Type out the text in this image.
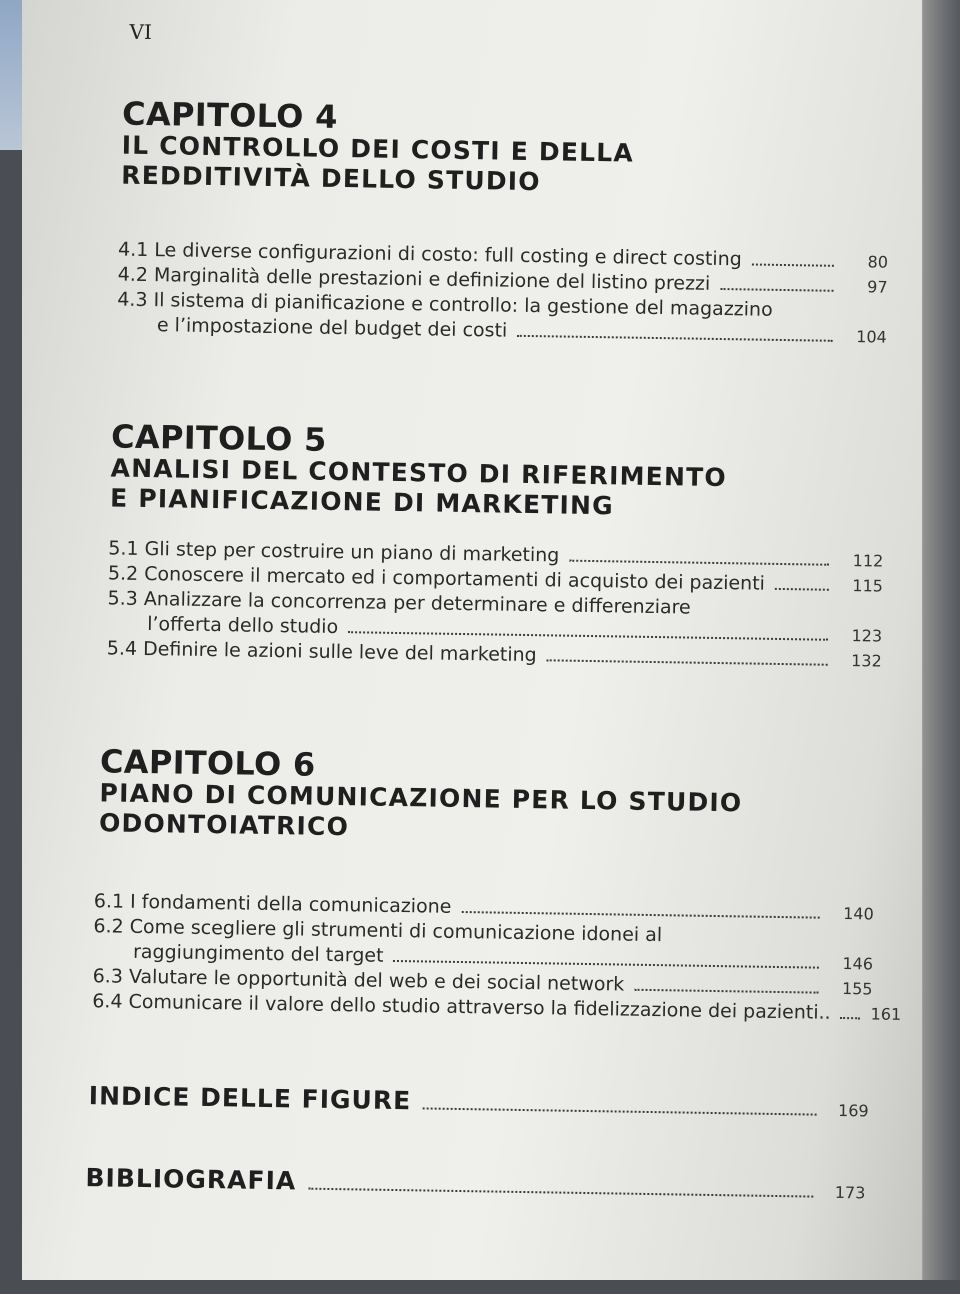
VI
CAPITOLO 4
IL CONTROLLO DEI COSTI E DELLA
REDDITIVITÀ DELLO STUDIO
4.1 Le diverse configurazioni di costo: full costing e direct costing	80
4.2 Marginalità delle prestazioni e definizione del listino prezzi	97
4.3 Il sistema di pianificazione e controllo: la gestione del magazzino
e l’impostazione del budget dei costi	104
CAPITOLO 5
ANALISI DEL CONTESTO DI RIFERIMENTO
E PIANIFICAZIONE DI MARKETING
5.1 Gli step per costruire un piano di marketing	112
5.2 Conoscere il mercato ed i comportamenti di acquisto dei pazienti	115
5.3 Analizzare la concorrenza per determinare e differenziare
l’offerta dello studio	123
5.4 Definire le azioni sulle leve del marketing	132
CAPITOLO 6
PIANO DI COMUNICAZIONE PER LO STUDIO
ODONTOIATRICO
6.1 I fondamenti della comunicazione	140
6.2 Come scegliere gli strumenti di comunicazione idonei al
raggiungimento del target	146
6.3 Valutare le opportunità del web e dei social network	155
6.4 Comunicare il valore dello studio attraverso la fidelizzazione dei pazienti.. 161
INDICE DELLE FIGURE	169
BIBLIOGRAFIA	173
